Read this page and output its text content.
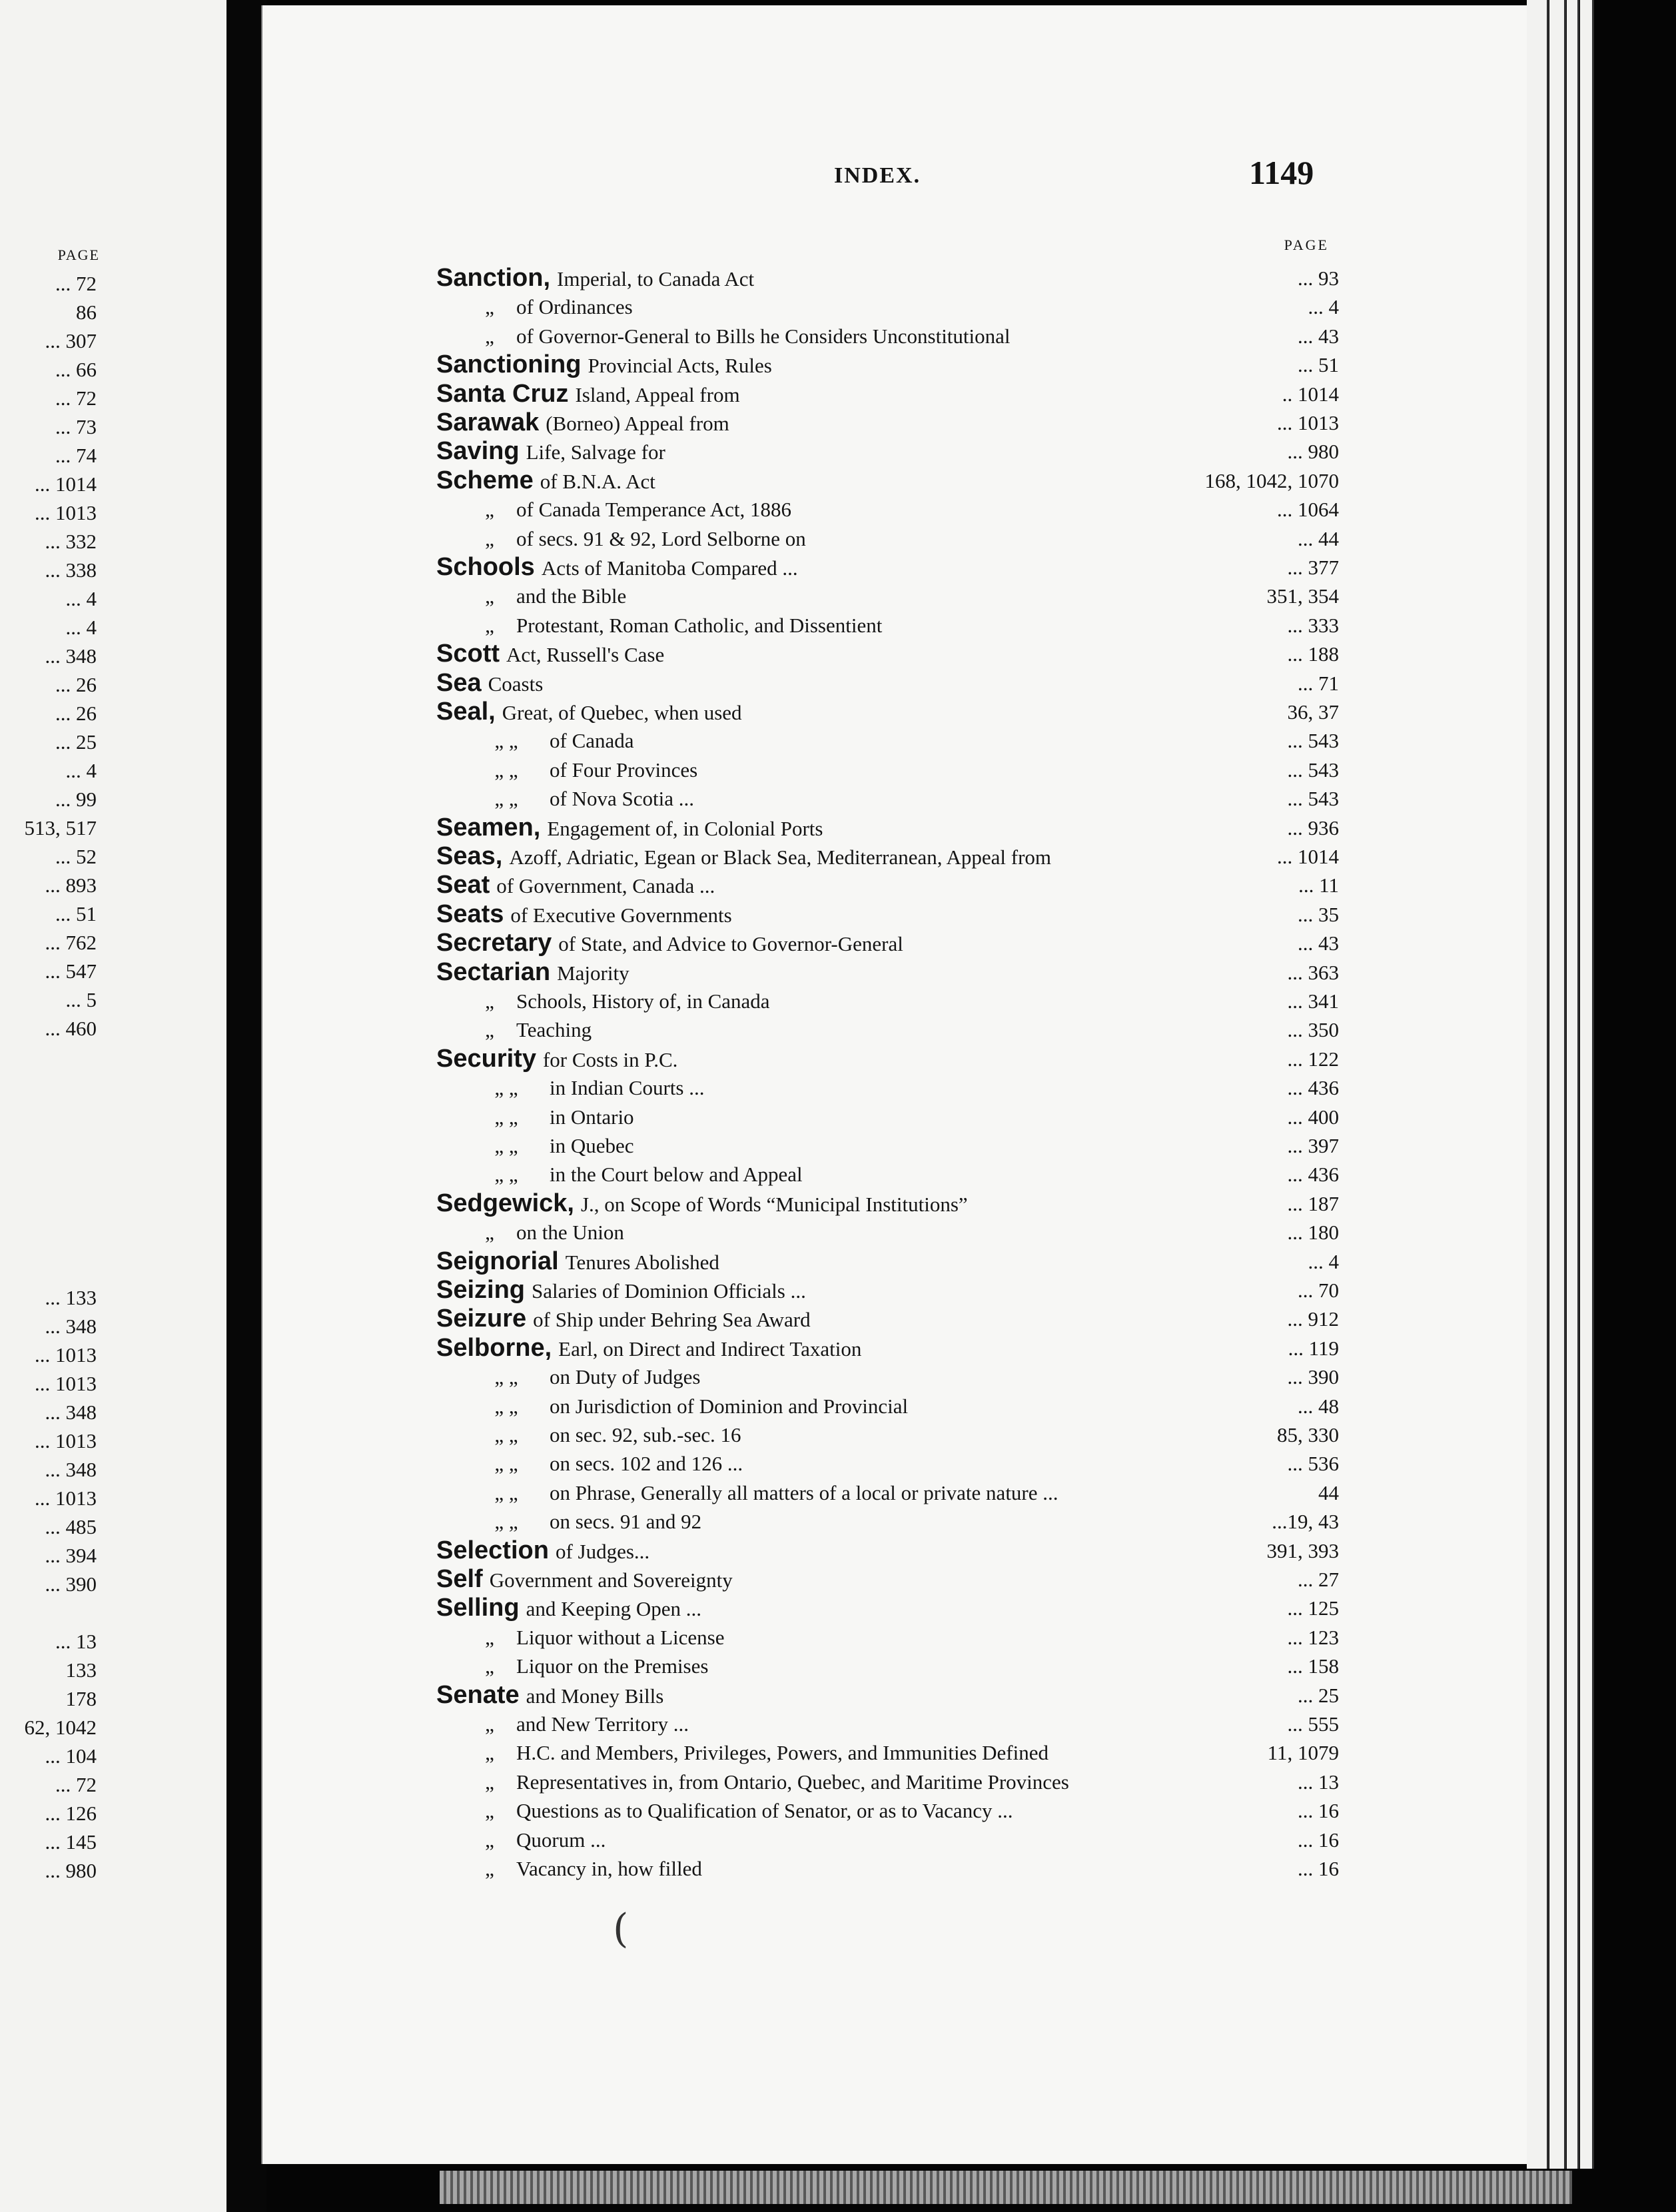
PAGE
... 72
86
... 307
... 66
... 72
... 73
... 74
... 1014
... 1013
... 332
... 338
... 4
... 4
... 348
... 26
... 26
... 25
... 4
... 99
513, 517
... 52
... 893
... 51
... 762
... 547
... 5
... 460
... 133
... 348
... 1013
... 1013
... 348
... 1013
... 348
... 1013
... 485
... 394
... 390
... 13
133
178
62, 1042
... 104
... 72
... 126
... 145
... 980
INDEX.	1149
PAGE
Sanction, Imperial, to Canada Act	... 93
„ of Ordinances	... 4
„ of Governor-General to Bills he Considers Unconstitutional	... 43
Sanctioning Provincial Acts, Rules	... 51
Santa Cruz Island, Appeal from	.. 1014
Sarawak (Borneo) Appeal from	... 1013
Saving Life, Salvage for	... 980
Scheme of B.N.A. Act	168, 1042, 1070
„ of Canada Temperance Act, 1886	... 1064
„ of secs. 91 & 92, Lord Selborne on	... 44
Schools Acts of Manitoba Compared ...	... 377
„ and the Bible	351, 354
„ Protestant, Roman Catholic, and Dissentient	... 333
Scott Act, Russell's Case	... 188
Sea Coasts	... 71
Seal, Great, of Quebec, when used	36, 37
„ „ of Canada	... 543
„ „ of Four Provinces	... 543
„ „ of Nova Scotia ...	... 543
Seamen, Engagement of, in Colonial Ports	... 936
Seas, Azoff, Adriatic, Egean or Black Sea, Mediterranean, Appeal from	... 1014
Seat of Government, Canada ...	... 11
Seats of Executive Governments	... 35
Secretary of State, and Advice to Governor-General	... 43
Sectarian Majority	... 363
„ Schools, History of, in Canada	... 341
„ Teaching	... 350
Security for Costs in P.C.	... 122
„ „ in Indian Courts ...	... 436
„ „ in Ontario	... 400
„ „ in Quebec	... 397
„ „ in the Court below and Appeal	... 436
Sedgewick, J., on Scope of Words “Municipal Institutions”	... 187
„ on the Union	... 180
Seignorial Tenures Abolished	... 4
Seizing Salaries of Dominion Officials ...	... 70
Seizure of Ship under Behring Sea Award	... 912
Selborne, Earl, on Direct and Indirect Taxation	... 119
„ „ on Duty of Judges	... 390
„ „ on Jurisdiction of Dominion and Provincial	... 48
„ „ on sec. 92, sub.-sec. 16	85, 330
„ „ on secs. 102 and 126 ...	... 536
„ „ on Phrase, Generally all matters of a local or private nature ...	44
„ „ on secs. 91 and 92	...19, 43
Selection of Judges...	391, 393
Self Government and Sovereignty	... 27
Selling and Keeping Open ...	... 125
„ Liquor without a License	... 123
„ Liquor on the Premises	... 158
Senate and Money Bills	... 25
„ and New Territory ...	... 555
„ H.C. and Members, Privileges, Powers, and Immunities Defined	11, 1079
„ Representatives in, from Ontario, Quebec, and Maritime Provinces	... 13
„ Questions as to Qualification of Senator, or as to Vacancy ...	... 16
„ Quorum ...	... 16
„ Vacancy in, how filled	... 16
(
